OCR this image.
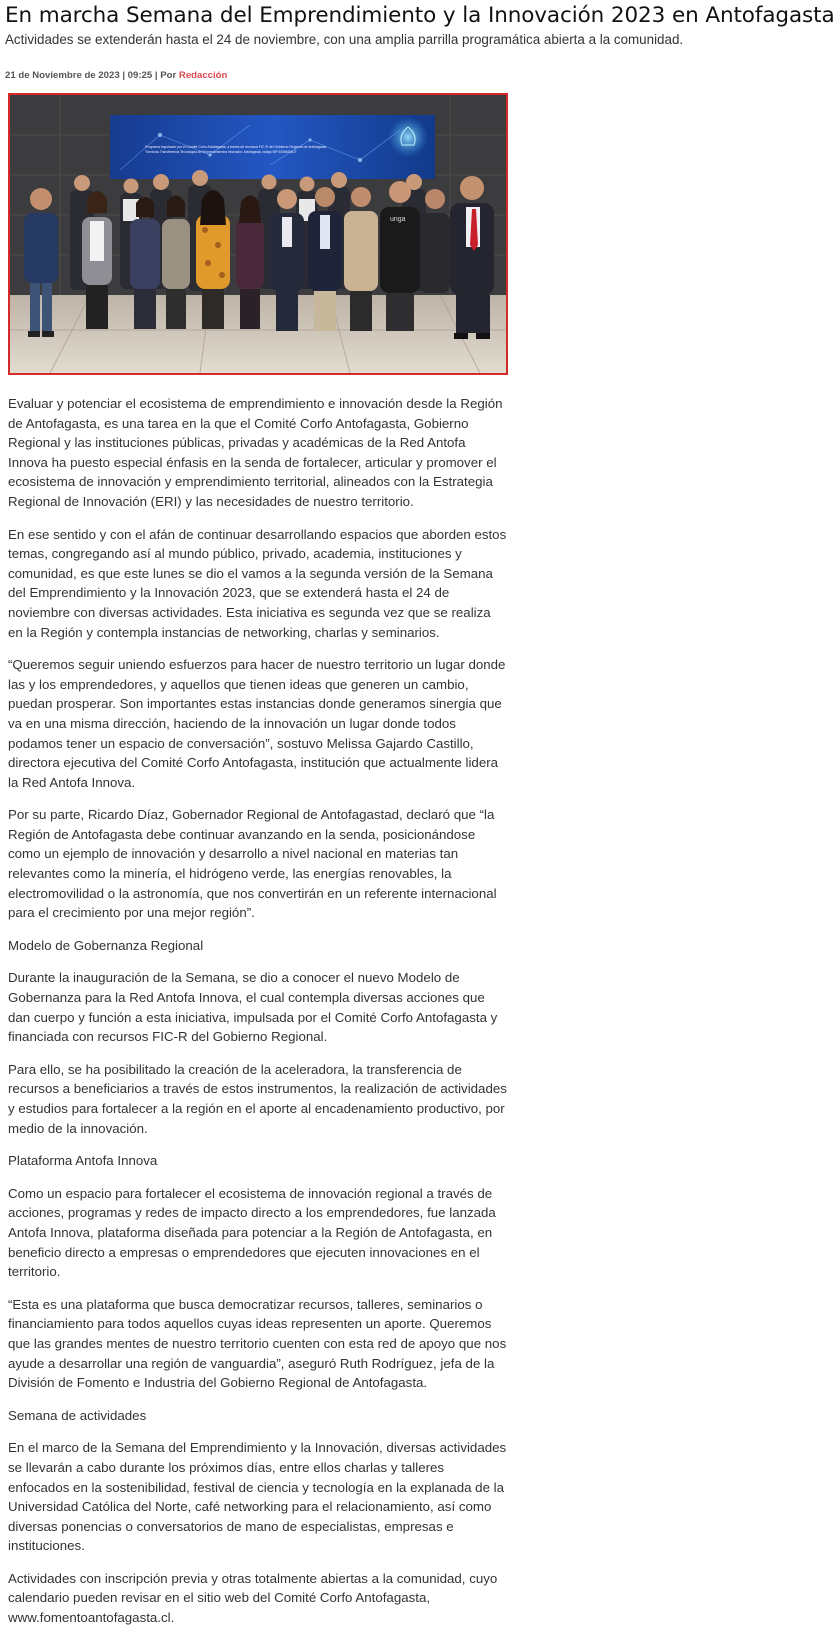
En marcha Semana del Emprendimiento y la Innovación 2023 en Antofagasta

Actividades se extenderán hasta el 24 de noviembre, con una amplia parrilla programática abierta a la comunidad.

21 de Noviembre de 2023 | 09:25 | Por Redacción
Programa impulsado por el Comité Corfo Antofagasta, a través de recursos FIC-R del Gobierno Regional de Antofagasta
"Servicios Transferencia Tecnológica de Emprendimientos Innovador. Antofagasta, código BIP 40054658-0"
unga

Evaluar y potenciar el ecosistema de emprendimiento e innovación desde la Región de Antofagasta, es una tarea en la que el Comité Corfo Antofagasta, Gobierno Regional y las instituciones públicas, privadas y académicas de la Red Antofa Innova ha puesto especial énfasis en la senda de fortalecer, articular y promover el ecosistema de innovación y emprendimiento territorial, alineados con la Estrategia Regional de Innovación (ERI) y las necesidades de nuestro territorio.

En ese sentido y con el afán de continuar desarrollando espacios que aborden estos temas, congregando así al mundo público, privado, academia, instituciones y comunidad, es que este lunes se dio el vamos a la segunda versión de la Semana del Emprendimiento y la Innovación 2023, que se extenderá hasta el 24 de noviembre con diversas actividades. Esta iniciativa es segunda vez que se realiza en la Región y contempla instancias de networking, charlas y seminarios.

“Queremos seguir uniendo esfuerzos para hacer de nuestro territorio un lugar donde las y los emprendedores, y aquellos que tienen ideas que generen un cambio, puedan prosperar. Son importantes estas instancias donde generamos sinergia que va en una misma dirección, haciendo de la innovación un lugar donde todos podamos tener un espacio de conversación”, sostuvo Melissa Gajardo Castillo, directora ejecutiva del Comité Corfo Antofagasta, institución que actualmente lidera la Red Antofa Innova.

Por su parte, Ricardo Díaz, Gobernador Regional de Antofagastad, declaró que “la Región de Antofagasta debe continuar avanzando en la senda, posicionándose como un ejemplo de innovación y desarrollo a nivel nacional en materias tan relevantes como la minería, el hidrógeno verde, las energías renovables, la electromovilidad o la astronomía, que nos convertirán en un referente internacional para el crecimiento por una mejor región”.

Modelo de Gobernanza Regional

Durante la inauguración de la Semana, se dio a conocer el nuevo Modelo de Gobernanza para la Red Antofa Innova, el cual contempla diversas acciones que dan cuerpo y función a esta iniciativa, impulsada por el Comité Corfo Antofagasta y financiada con recursos FIC-R del Gobierno Regional.

Para ello, se ha posibilitado la creación de la aceleradora, la transferencia de recursos a beneficiarios a través de estos instrumentos, la realización de actividades y estudios para fortalecer a la región en el aporte al encadenamiento productivo, por medio de la innovación.

Plataforma Antofa Innova

Como un espacio para fortalecer el ecosistema de innovación regional a través de acciones, programas y redes de impacto directo a los emprendedores, fue lanzada Antofa Innova, plataforma diseñada para potenciar a la Región de Antofagasta, en beneficio directo a empresas o emprendedores que ejecuten innovaciones en el territorio.

“Esta es una plataforma que busca democratizar recursos, talleres, seminarios o financiamiento para todos aquellos cuyas ideas representen un aporte. Queremos que las grandes mentes de nuestro territorio cuenten con esta red de apoyo que nos ayude a desarrollar una región de vanguardia”, aseguró Ruth Rodríguez, jefa de la División de Fomento e Industria del Gobierno Regional de Antofagasta.

Semana de actividades

En el marco de la Semana del Emprendimiento y la Innovación, diversas actividades se llevarán a cabo durante los próximos días, entre ellos charlas y talleres enfocados en la sostenibilidad, festival de ciencia y tecnología en la explanada de la Universidad Católica del Norte, café networking para el relacionamiento, así como diversas ponencias o conversatorios de mano de especialistas, empresas e instituciones.

Actividades con inscripción previa y otras totalmente abiertas a la comunidad, cuyo calendario pueden revisar en el sitio web del Comité Corfo Antofagasta, www.fomentoantofagasta.cl.
